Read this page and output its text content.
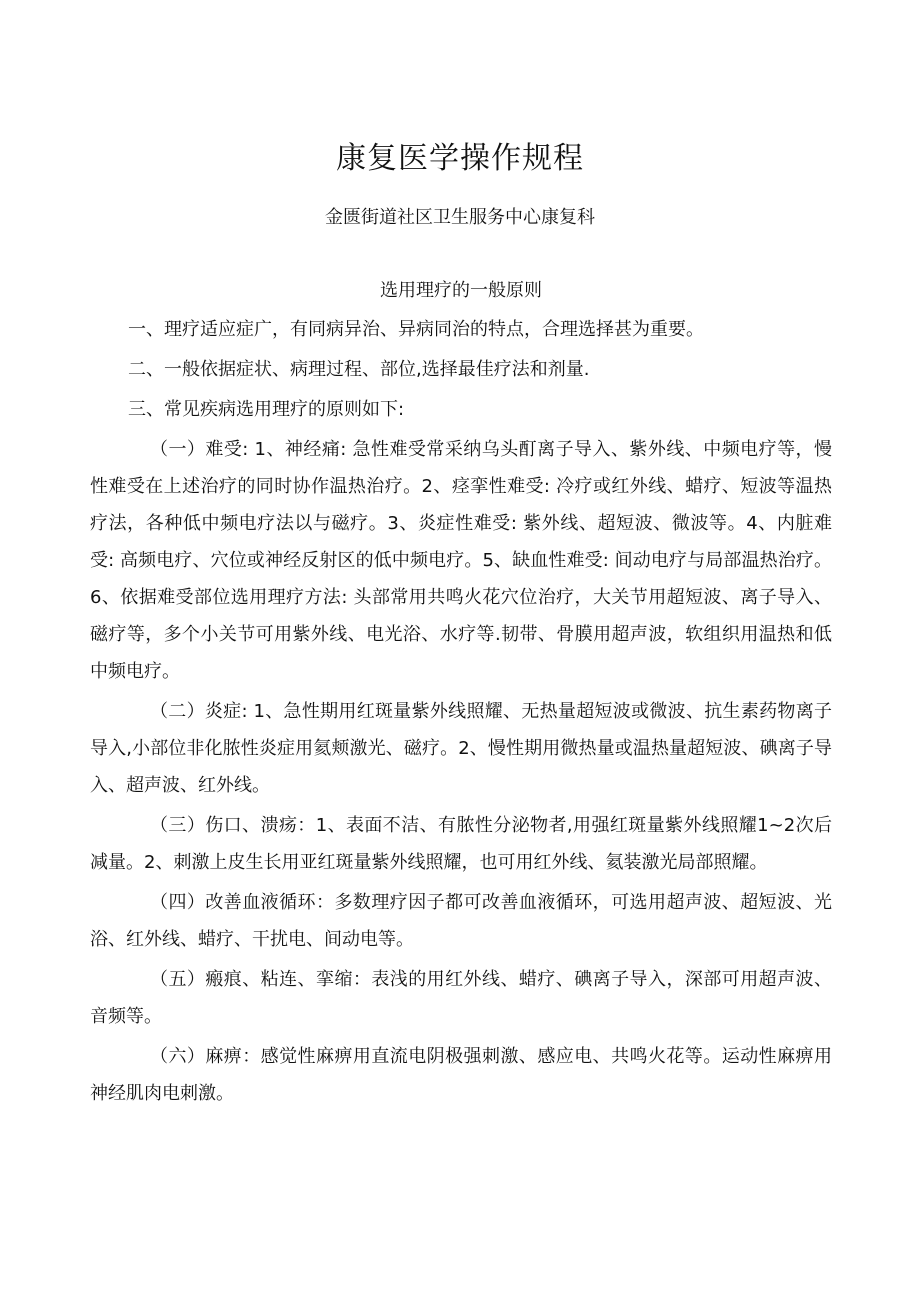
康复医学操作规程
金匮街道社区卫生服务中心康复科
选用理疗的一般原则

一、理疗适应症广，有同病异治、异病同治的特点，合理选择甚为重要。

二、一般依据症状、病理过程、部位,选择最佳疗法和剂量.

三、常见疾病选用理疗的原则如下:

（一）难受: 1、神经痛: 急性难受常采纳乌头酊离子导入、紫外线、中频电疗等，慢性难受在上述治疗的同时协作温热治疗。2、痉挛性难受: 冷疗或红外线、蜡疗、短波等温热疗法，各种低中频电疗法以与磁疗。3、炎症性难受: 紫外线、超短波、微波等。4、内脏难受: 高频电疗、穴位或神经反射区的低中频电疗。5、缺血性难受: 间动电疗与局部温热治疗。6、依据难受部位选用理疗方法: 头部常用共鸣火花穴位治疗，大关节用超短波、离子导入、磁疗等，多个小关节可用紫外线、电光浴、水疗等.韧带、骨膜用超声波，软组织用温热和低中频电疗。

（二）炎症: 1、急性期用红斑量紫外线照耀、无热量超短波或微波、抗生素药物离子导入,小部位非化脓性炎症用氦颊激光、磁疗。2、慢性期用微热量或温热量超短波、碘离子导入、超声波、红外线。

（三）伤口、溃疡：1、表面不洁、有脓性分泌物者,用强红斑量紫外线照耀1~2次后减量。2、刺激上皮生长用亚红斑量紫外线照耀，也可用红外线、氦装激光局部照耀。

（四）改善血液循环：多数理疗因子都可改善血液循环，可选用超声波、超短波、光浴、红外线、蜡疗、干扰电、间动电等。

（五）瘢痕、粘连、挛缩：表浅的用红外线、蜡疗、碘离子导入，深部可用超声波、音频等。

（六）麻痹：感觉性麻痹用直流电阴极强刺激、感应电、共鸣火花等。运动性麻痹用神经肌肉电刺激。
